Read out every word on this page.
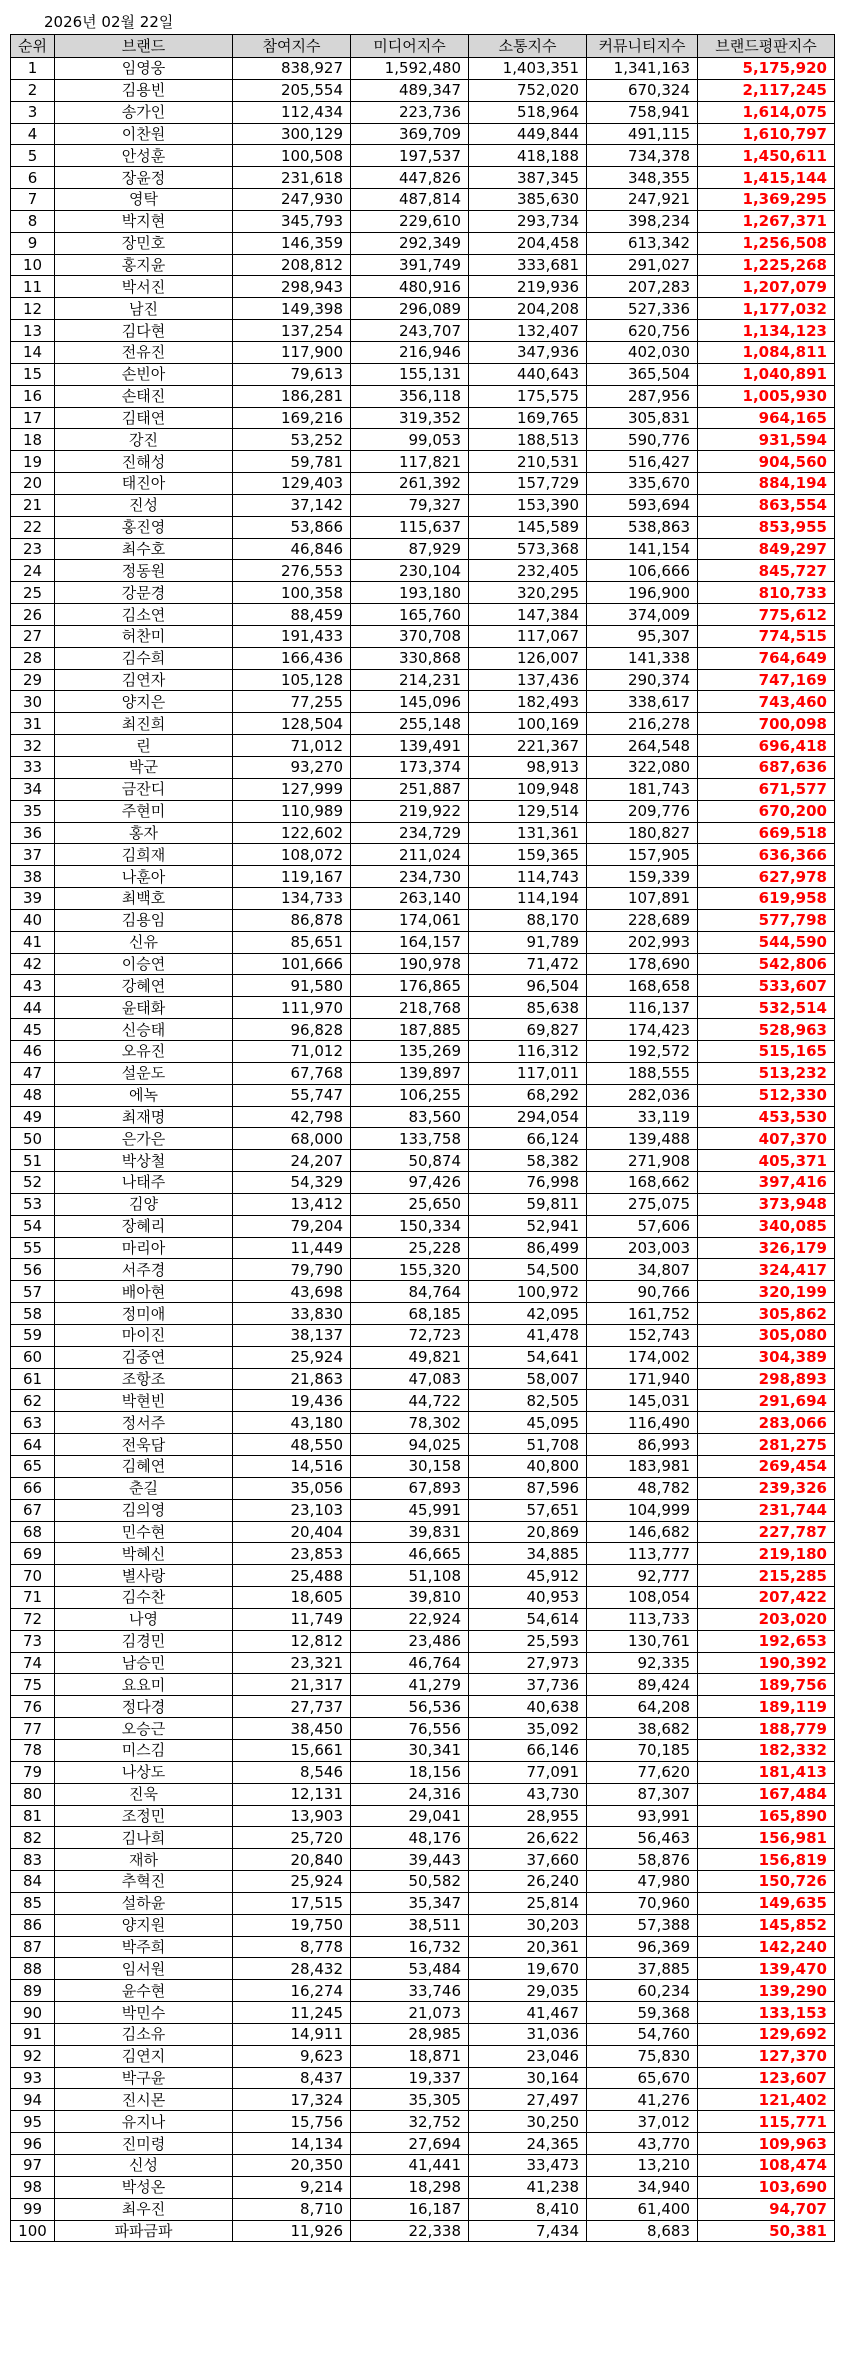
2026년 02월 22일
순위	브랜드	참여지수	미디어지수	소통지수	커뮤니티지수	브랜드평판지수
1	임영웅	838,927	1,592,480	1,403,351	1,341,163	5,175,920
2	김용빈	205,554	489,347	752,020	670,324	2,117,245
3	송가인	112,434	223,736	518,964	758,941	1,614,075
4	이찬원	300,129	369,709	449,844	491,115	1,610,797
5	안성훈	100,508	197,537	418,188	734,378	1,450,611
6	장윤정	231,618	447,826	387,345	348,355	1,415,144
7	영탁	247,930	487,814	385,630	247,921	1,369,295
8	박지현	345,793	229,610	293,734	398,234	1,267,371
9	장민호	146,359	292,349	204,458	613,342	1,256,508
10	홍지윤	208,812	391,749	333,681	291,027	1,225,268
11	박서진	298,943	480,916	219,936	207,283	1,207,079
12	남진	149,398	296,089	204,208	527,336	1,177,032
13	김다현	137,254	243,707	132,407	620,756	1,134,123
14	전유진	117,900	216,946	347,936	402,030	1,084,811
15	손빈아	79,613	155,131	440,643	365,504	1,040,891
16	손태진	186,281	356,118	175,575	287,956	1,005,930
17	김태연	169,216	319,352	169,765	305,831	964,165
18	강진	53,252	99,053	188,513	590,776	931,594
19	진해성	59,781	117,821	210,531	516,427	904,560
20	태진아	129,403	261,392	157,729	335,670	884,194
21	진성	37,142	79,327	153,390	593,694	863,554
22	홍진영	53,866	115,637	145,589	538,863	853,955
23	최수호	46,846	87,929	573,368	141,154	849,297
24	정동원	276,553	230,104	232,405	106,666	845,727
25	강문경	100,358	193,180	320,295	196,900	810,733
26	김소연	88,459	165,760	147,384	374,009	775,612
27	허찬미	191,433	370,708	117,067	95,307	774,515
28	김수희	166,436	330,868	126,007	141,338	764,649
29	김연자	105,128	214,231	137,436	290,374	747,169
30	양지은	77,255	145,096	182,493	338,617	743,460
31	최진희	128,504	255,148	100,169	216,278	700,098
32	린	71,012	139,491	221,367	264,548	696,418
33	박군	93,270	173,374	98,913	322,080	687,636
34	금잔디	127,999	251,887	109,948	181,743	671,577
35	주현미	110,989	219,922	129,514	209,776	670,200
36	홍자	122,602	234,729	131,361	180,827	669,518
37	김희재	108,072	211,024	159,365	157,905	636,366
38	나훈아	119,167	234,730	114,743	159,339	627,978
39	최백호	134,733	263,140	114,194	107,891	619,958
40	김용임	86,878	174,061	88,170	228,689	577,798
41	신유	85,651	164,157	91,789	202,993	544,590
42	이승연	101,666	190,978	71,472	178,690	542,806
43	강혜연	91,580	176,865	96,504	168,658	533,607
44	윤태화	111,970	218,768	85,638	116,137	532,514
45	신승태	96,828	187,885	69,827	174,423	528,963
46	오유진	71,012	135,269	116,312	192,572	515,165
47	설운도	67,768	139,897	117,011	188,555	513,232
48	에녹	55,747	106,255	68,292	282,036	512,330
49	최재명	42,798	83,560	294,054	33,119	453,530
50	은가은	68,000	133,758	66,124	139,488	407,370
51	박상철	24,207	50,874	58,382	271,908	405,371
52	나태주	54,329	97,426	76,998	168,662	397,416
53	김양	13,412	25,650	59,811	275,075	373,948
54	장혜리	79,204	150,334	52,941	57,606	340,085
55	마리아	11,449	25,228	86,499	203,003	326,179
56	서주경	79,790	155,320	54,500	34,807	324,417
57	배아현	43,698	84,764	100,972	90,766	320,199
58	정미애	33,830	68,185	42,095	161,752	305,862
59	마이진	38,137	72,723	41,478	152,743	305,080
60	김중연	25,924	49,821	54,641	174,002	304,389
61	조항조	21,863	47,083	58,007	171,940	298,893
62	박현빈	19,436	44,722	82,505	145,031	291,694
63	정서주	43,180	78,302	45,095	116,490	283,066
64	전욱담	48,550	94,025	51,708	86,993	281,275
65	김혜연	14,516	30,158	40,800	183,981	269,454
66	춘길	35,056	67,893	87,596	48,782	239,326
67	김의영	23,103	45,991	57,651	104,999	231,744
68	민수현	20,404	39,831	20,869	146,682	227,787
69	박혜신	23,853	46,665	34,885	113,777	219,180
70	별사랑	25,488	51,108	45,912	92,777	215,285
71	김수찬	18,605	39,810	40,953	108,054	207,422
72	나영	11,749	22,924	54,614	113,733	203,020
73	김경민	12,812	23,486	25,593	130,761	192,653
74	남승민	23,321	46,764	27,973	92,335	190,392
75	요요미	21,317	41,279	37,736	89,424	189,756
76	정다경	27,737	56,536	40,638	64,208	189,119
77	오승근	38,450	76,556	35,092	38,682	188,779
78	미스김	15,661	30,341	66,146	70,185	182,332
79	나상도	8,546	18,156	77,091	77,620	181,413
80	진욱	12,131	24,316	43,730	87,307	167,484
81	조정민	13,903	29,041	28,955	93,991	165,890
82	김나희	25,720	48,176	26,622	56,463	156,981
83	재하	20,840	39,443	37,660	58,876	156,819
84	추혁진	25,924	50,582	26,240	47,980	150,726
85	설하윤	17,515	35,347	25,814	70,960	149,635
86	양지원	19,750	38,511	30,203	57,388	145,852
87	박주희	8,778	16,732	20,361	96,369	142,240
88	임서원	28,432	53,484	19,670	37,885	139,470
89	윤수현	16,274	33,746	29,035	60,234	139,290
90	박민수	11,245	21,073	41,467	59,368	133,153
91	김소유	14,911	28,985	31,036	54,760	129,692
92	김연지	9,623	18,871	23,046	75,830	127,370
93	박구윤	8,437	19,337	30,164	65,670	123,607
94	진시몬	17,324	35,305	27,497	41,276	121,402
95	유지나	15,756	32,752	30,250	37,012	115,771
96	진미령	14,134	27,694	24,365	43,770	109,963
97	신성	20,350	41,441	33,473	13,210	108,474
98	박성온	9,214	18,298	41,238	34,940	103,690
99	최우진	8,710	16,187	8,410	61,400	94,707
100	파파금파	11,926	22,338	7,434	8,683	50,381
